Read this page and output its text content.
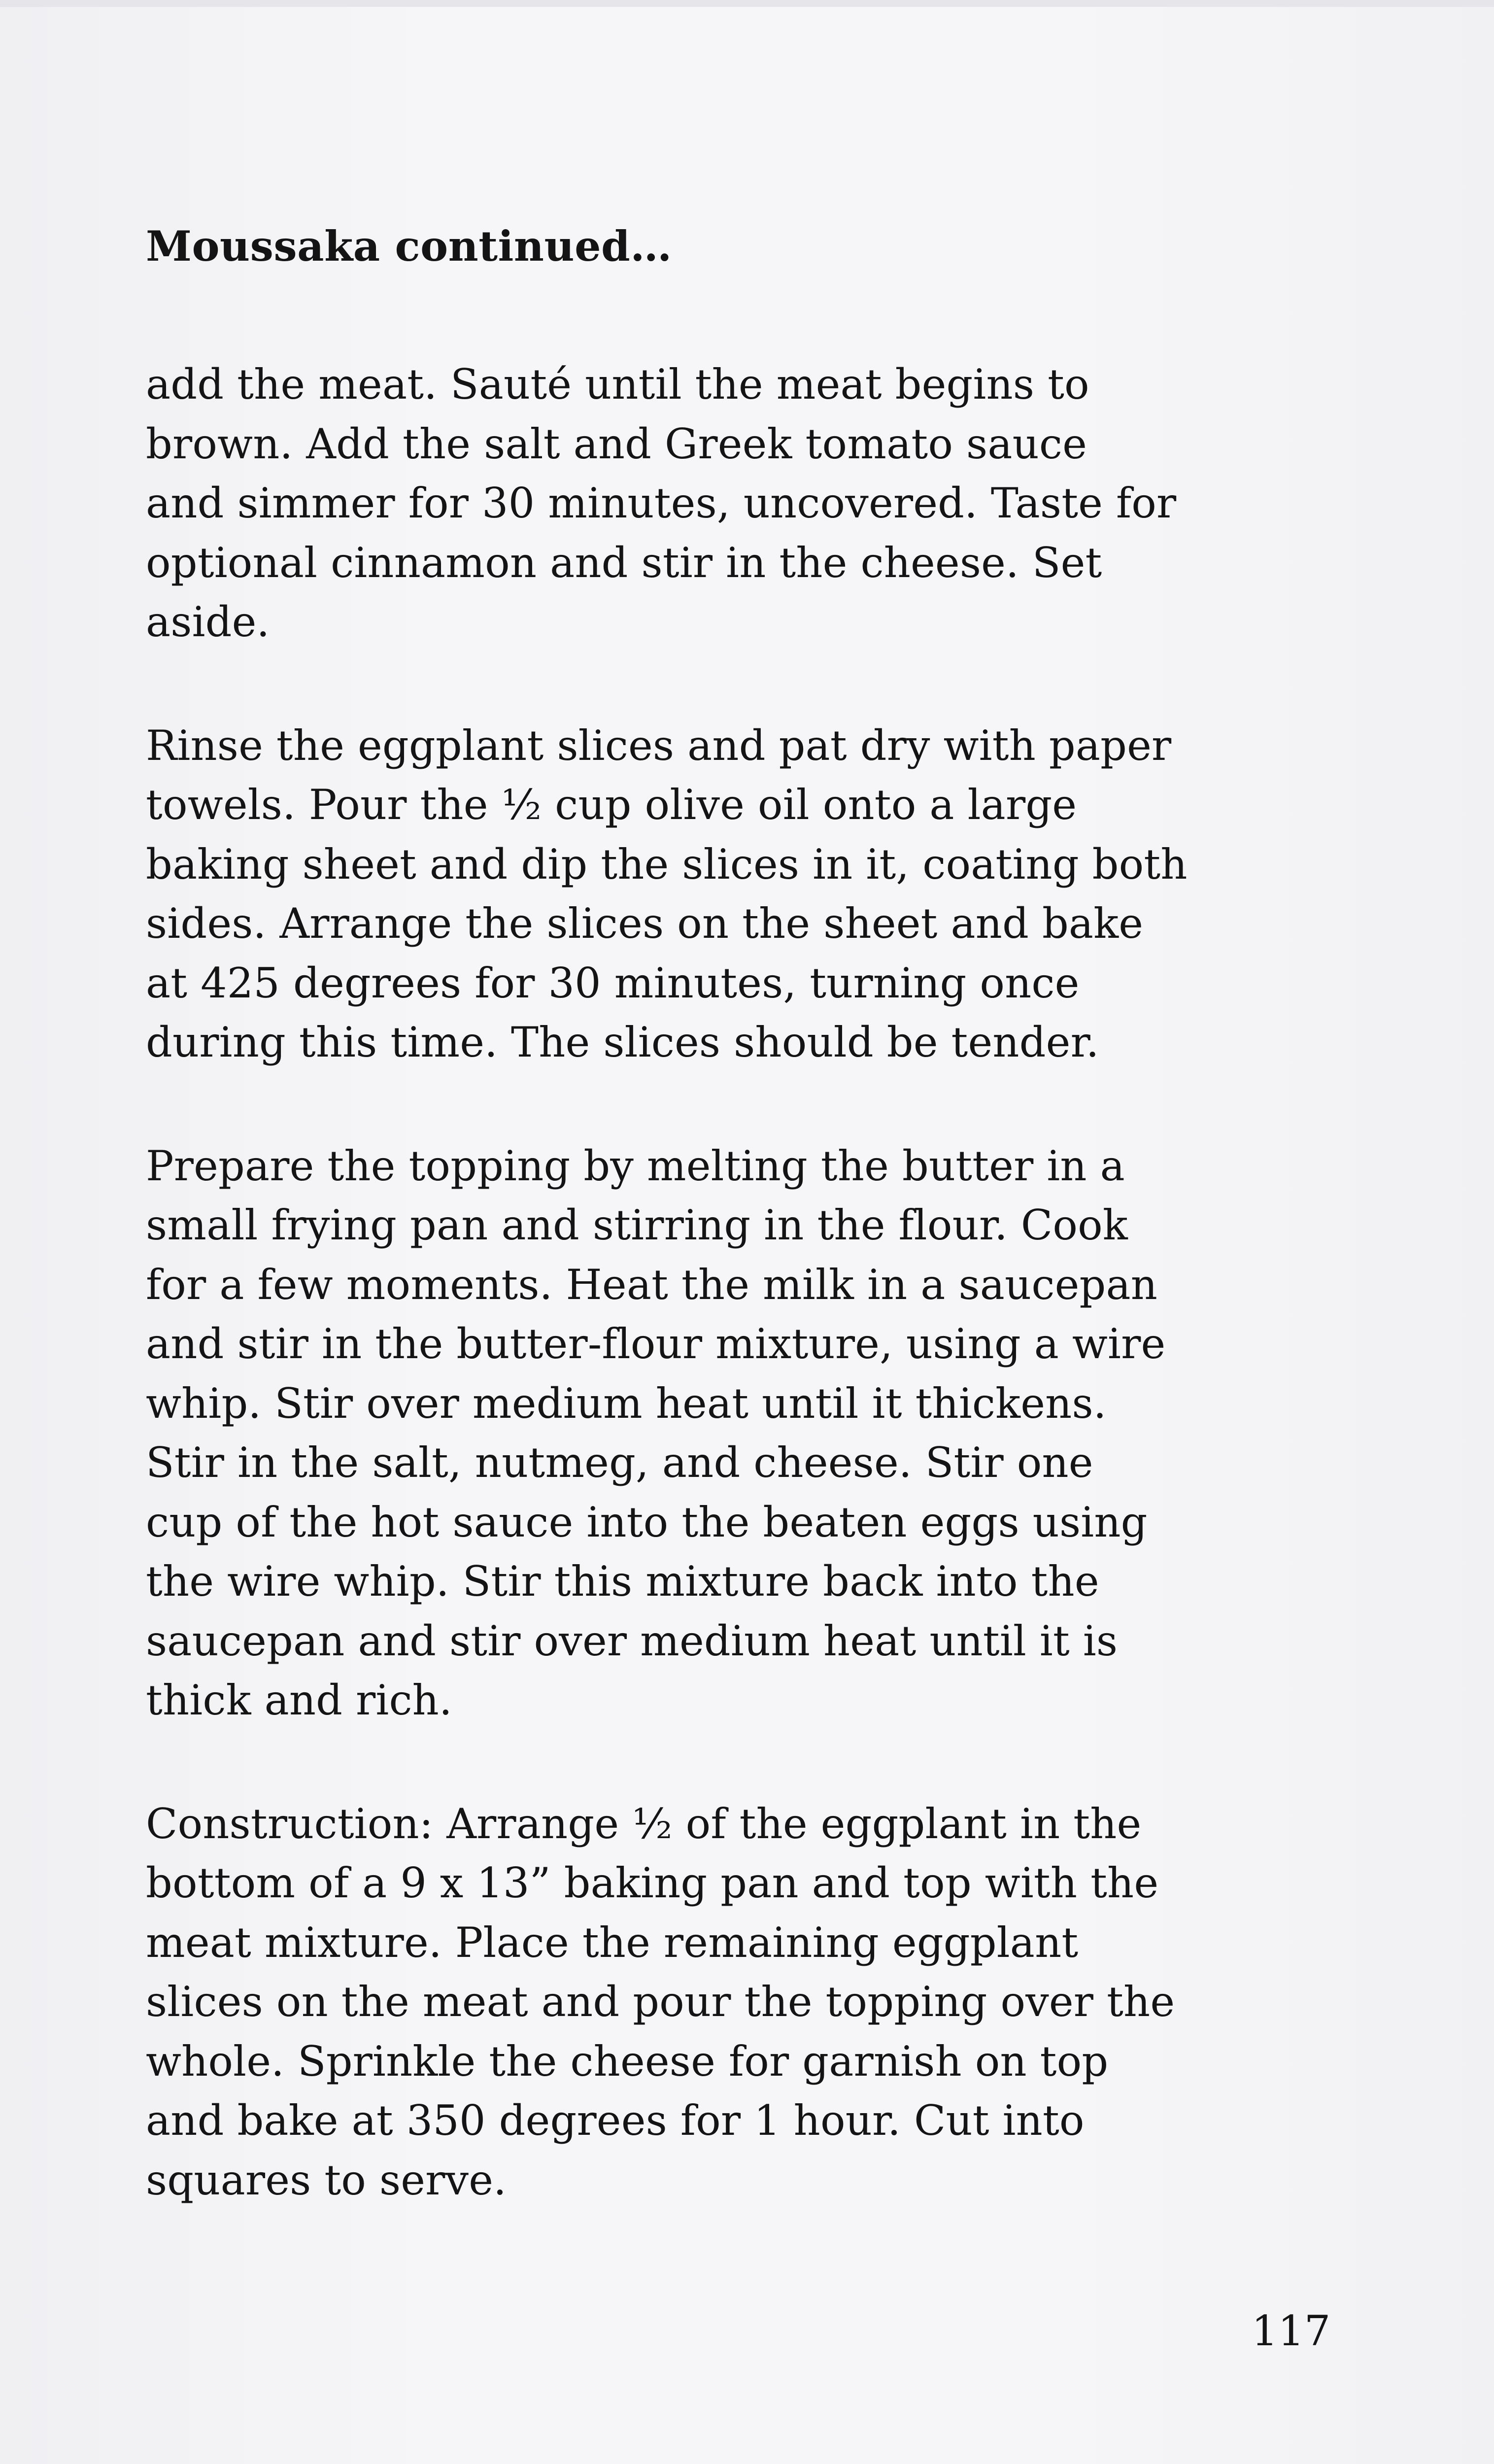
Moussaka continued…

add the meat. Sauté until the meat begins to
brown. Add the salt and Greek tomato sauce
and simmer for 30 minutes, uncovered. Taste for
optional cinnamon and stir in the cheese. Set
aside.

Rinse the eggplant slices and pat dry with paper
towels. Pour the ½ cup olive oil onto a large
baking sheet and dip the slices in it, coating both
sides. Arrange the slices on the sheet and bake
at 425 degrees for 30 minutes, turning once
during this time. The slices should be tender.

Prepare the topping by melting the butter in a
small frying pan and stirring in the flour. Cook
for a few moments. Heat the milk in a saucepan
and stir in the butter-flour mixture, using a wire
whip. Stir over medium heat until it thickens.
Stir in the salt, nutmeg, and cheese. Stir one
cup of the hot sauce into the beaten eggs using
the wire whip. Stir this mixture back into the
saucepan and stir over medium heat until it is
thick and rich.

Construction: Arrange ½ of the eggplant in the
bottom of a 9 x 13” baking pan and top with the
meat mixture. Place the remaining eggplant
slices on the meat and pour the topping over the
whole. Sprinkle the cheese for garnish on top
and bake at 350 degrees for 1 hour. Cut into
squares to serve.

117
